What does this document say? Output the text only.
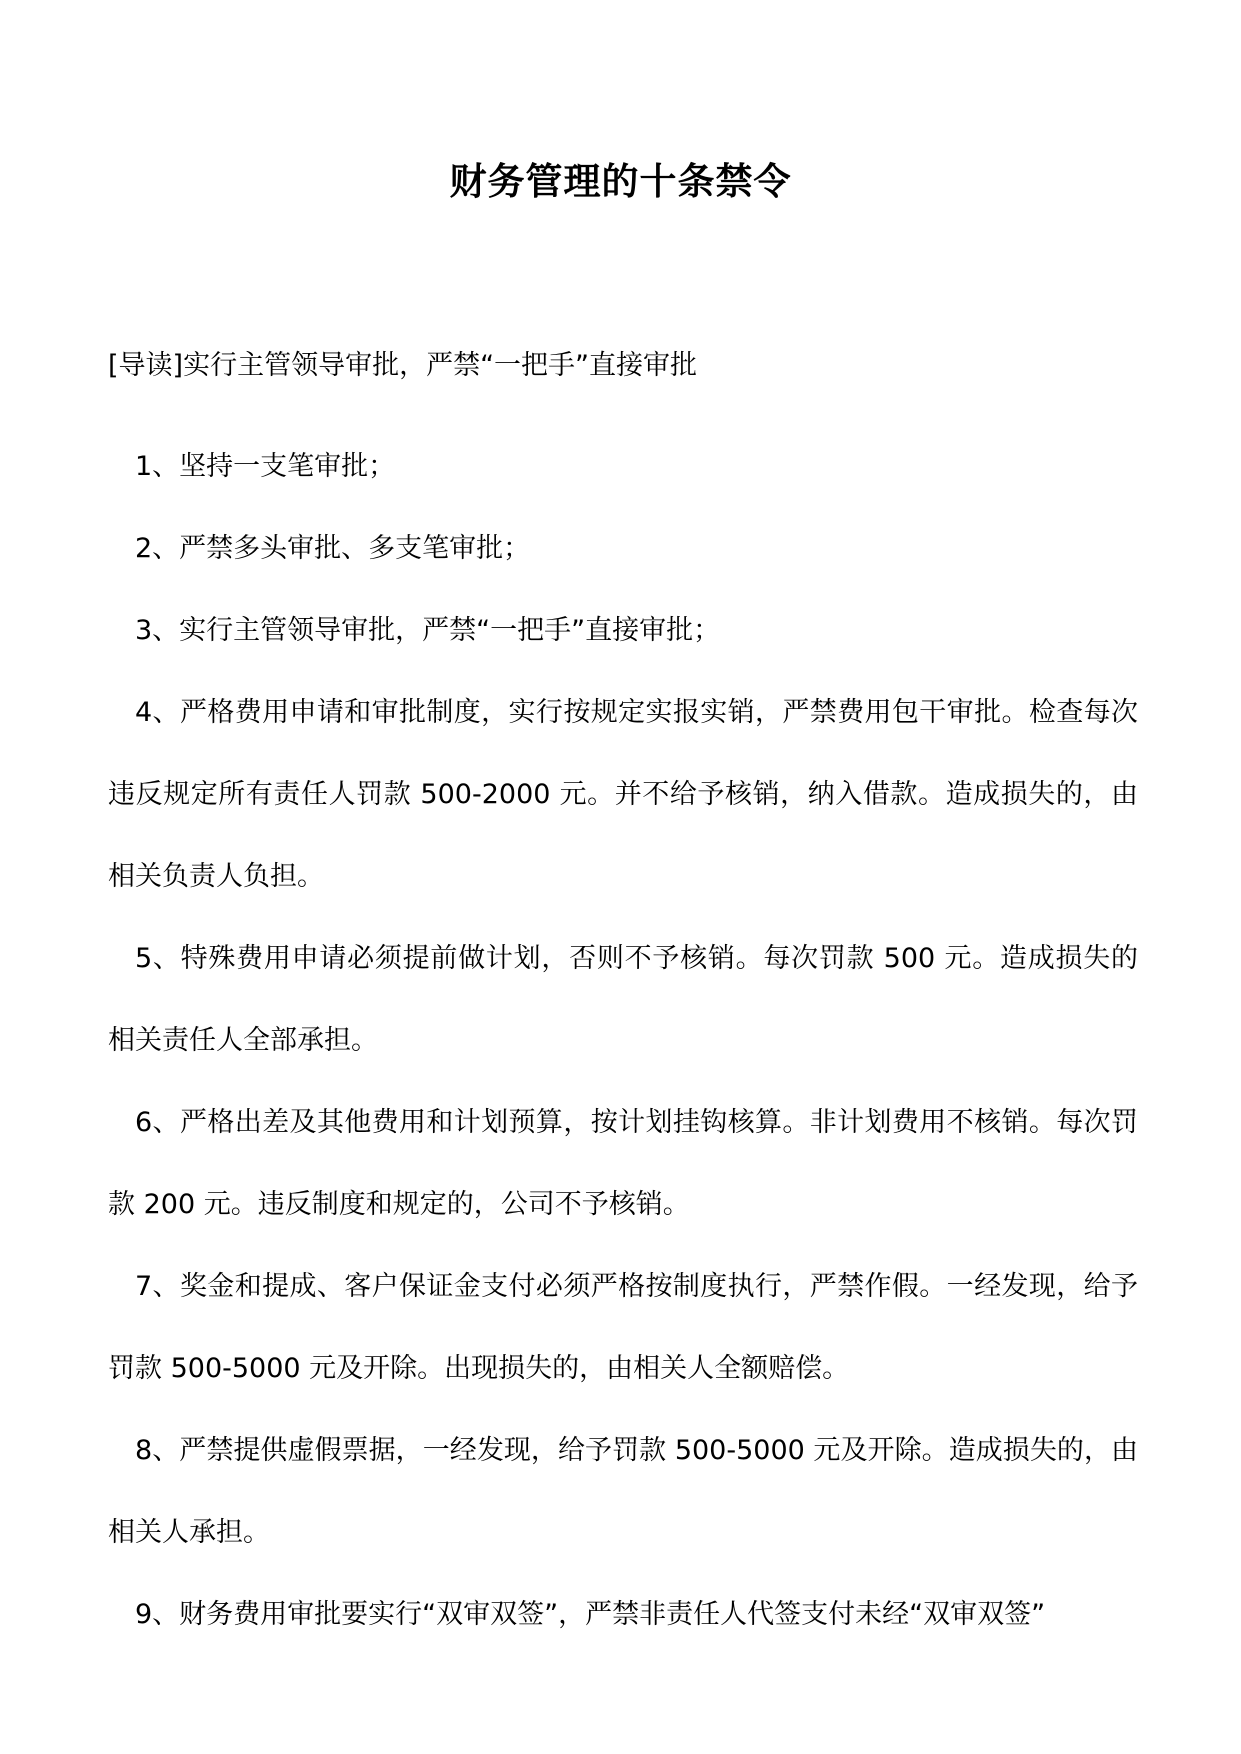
财务管理的十条禁令
[导读]实行主管领导审批，严禁“一把手”直接审批

1、坚持一支笔审批；

2、严禁多头审批、多支笔审批；

3、实行主管领导审批，严禁“一把手”直接审批；

4、严格费用申请和审批制度，实行按规定实报实销，严禁费用包干审批。检查每次违反规定所有责任人罚款 500-2000 元。并不给予核销，纳入借款。造成损失的，由相关负责人负担。

5、特殊费用申请必须提前做计划，否则不予核销。每次罚款 500 元。造成损失的相关责任人全部承担。

6、严格出差及其他费用和计划预算，按计划挂钩核算。非计划费用不核销。每次罚款 200 元。违反制度和规定的，公司不予核销。

7、奖金和提成、客户保证金支付必须严格按制度执行，严禁作假。一经发现，给予罚款 500-5000 元及开除。出现损失的，由相关人全额赔偿。

8、严禁提供虚假票据，一经发现，给予罚款 500-5000 元及开除。造成损失的，由相关人承担。

9、财务费用审批要实行“双审双签”，严禁非责任人代签支付未经“双审双签”
